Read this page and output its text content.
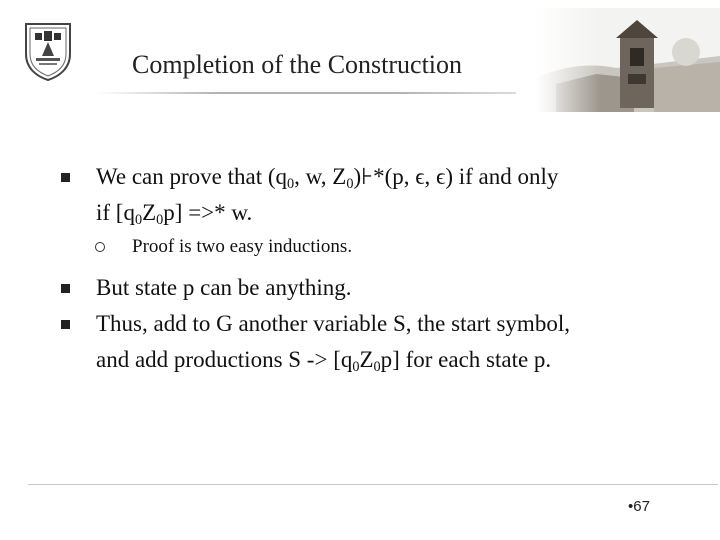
Completion of the Construction
We can prove that ($q_0$, w, $Z_0)⊦*(p$, ϵ, ϵ) if and only
if $[q_0Z_0p]$ =>* w.
Proof is two easy inductions.
But state p can be anything.
Thus, add to G another variable S, the start symbol,
and add productions $S -> [q_0Z_0p]$ for each state p.
•67
